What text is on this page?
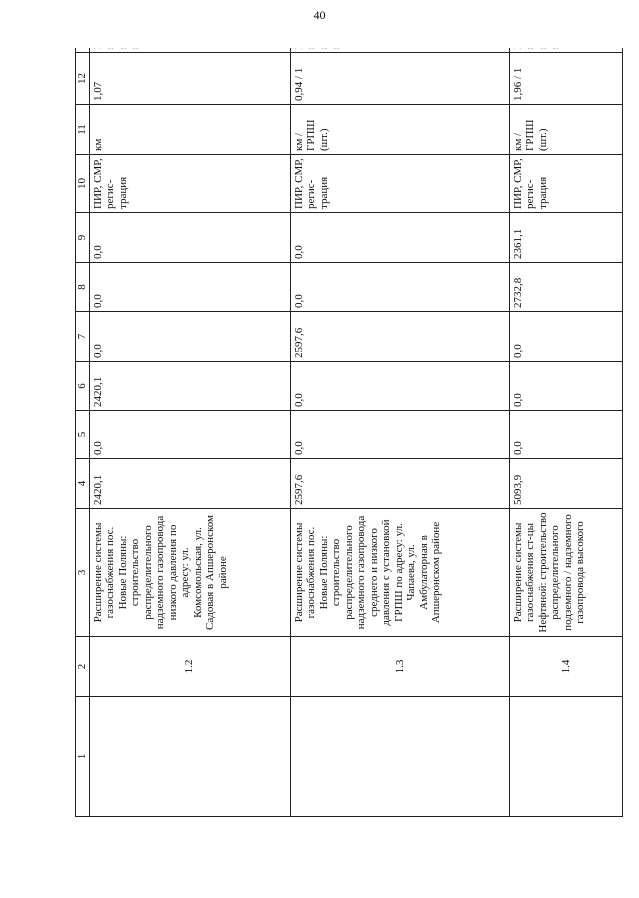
40
1	2	3	4	5	6	7	8	9	10	11	12	
	1.2	Расширение системы газоснабжения пос. Новые Поляны: строительство распределительного надземного газопровода низкого давления по адресу: ул. Комсомольская, ул. Садовая в Апшеронском районе	2420,1	0,0	2420,1	0,0	0,0	0,0	ПИР, СМР, регис-трация	км	1,07	
	1.3	Расширение системы газоснабжения пос. Новые Поляны: строительство распределительного надземного газопровода среднего и низкого давления с установкой ГРПШ по адресу: ул. Чапаева, ул. Амбулаторная в Апшеронском районе	2597,6	0,0	0,0	2597,6	0,0	0,0	ПИР, СМР, регис-трация	км / ГРПШ (шт.)	0,94 / 1	
	1.4	Расширение системы газоснабжения ст-цы Нефтяной: строительство распределительного подземного / надземного газопровода высокого	5093,9	0,0	0,0	0,0	2732,8	2361,1	ПИР, СМР, регис-трация	км / ГРПШ (шт.)	1,96 / 1	
